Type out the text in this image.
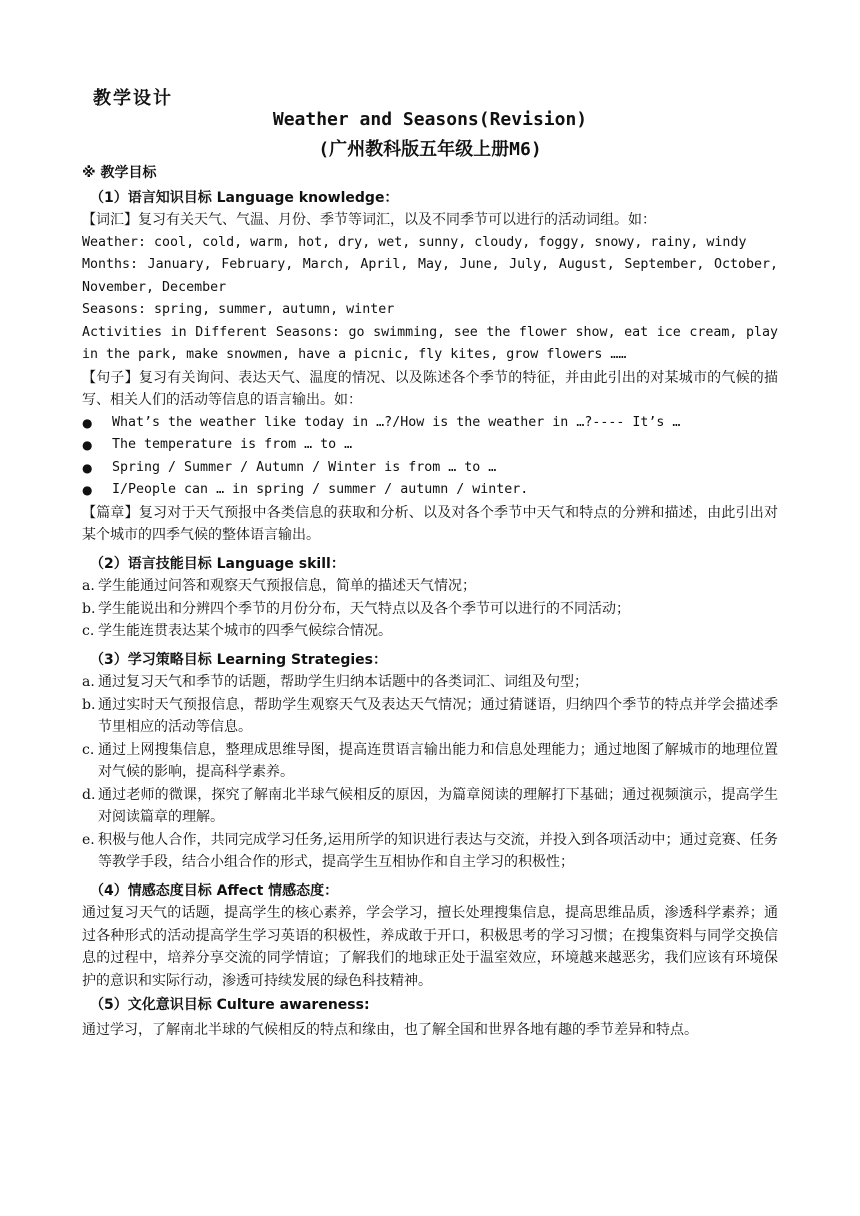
教学设计
Weather and Seasons(Revision)
(广州教科版五年级上册M6)
※ 教学目标
（1）语言知识目标 Language knowledge：
【词汇】复习有关天气、气温、月份、季节等词汇，以及不同季节可以进行的活动词组。如：
Weather: cool, cold, warm, hot, dry, wet, sunny, cloudy, foggy, snowy, rainy, windy
Months: January, February, March, April, May, June, July, August, September, October, November, December
Seasons: spring, summer, autumn, winter
Activities in Different Seasons: go swimming, see the flower show, eat ice cream, play in the park, make snowmen, have a picnic, fly kites, grow flowers ……
【句子】复习有关询问、表达天气、温度的情况、以及陈述各个季节的特征，并由此引出的对某城市的气候的描写、相关人们的活动等信息的语言输出。如：
●	What’s the weather like today in …?/How is the weather in …?---- It’s …
●	The temperature is from … to …
●	Spring / Summer / Autumn / Winter is from … to …
●	I/People can … in spring / summer / autumn / winter.
【篇章】复习对于天气预报中各类信息的获取和分析、以及对各个季节中天气和特点的分辨和描述，由此引出对某个城市的四季气候的整体语言输出。
（2）语言技能目标 Language skill：
a. 学生能通过问答和观察天气预报信息，简单的描述天气情况；
b. 学生能说出和分辨四个季节的月份分布，天气特点以及各个季节可以进行的不同活动；
c. 学生能连贯表达某个城市的四季气候综合情况。
（3）学习策略目标 Learning Strategies：
a. 通过复习天气和季节的话题，帮助学生归纳本话题中的各类词汇、词组及句型；
b. 通过实时天气预报信息，帮助学生观察天气及表达天气情况；通过猜谜语，归纳四个季节的特点并学会描述季节里相应的活动等信息。
c. 通过上网搜集信息，整理成思维导图，提高连贯语言输出能力和信息处理能力；通过地图了解城市的地理位置对气候的影响，提高科学素养。
d. 通过老师的微课，探究了解南北半球气候相反的原因，为篇章阅读的理解打下基础；通过视频演示，提高学生对阅读篇章的理解。
e. 积极与他人合作，共同完成学习任务,运用所学的知识进行表达与交流，并投入到各项活动中；通过竞赛、任务等教学手段，结合小组合作的形式，提高学生互相协作和自主学习的积极性；
（4）情感态度目标 Affect 情感态度：
通过复习天气的话题，提高学生的核心素养，学会学习，擅长处理搜集信息，提高思维品质，渗透科学素养；通过各种形式的活动提高学生学习英语的积极性，养成敢于开口，积极思考的学习习惯；在搜集资料与同学交换信息的过程中，培养分享交流的同学情谊；了解我们的地球正处于温室效应，环境越来越恶劣，我们应该有环境保护的意识和实际行动，渗透可持续发展的绿色科技精神。
（5）文化意识目标 Culture awareness:
通过学习，了解南北半球的气候相反的特点和缘由，也了解全国和世界各地有趣的季节差异和特点。
